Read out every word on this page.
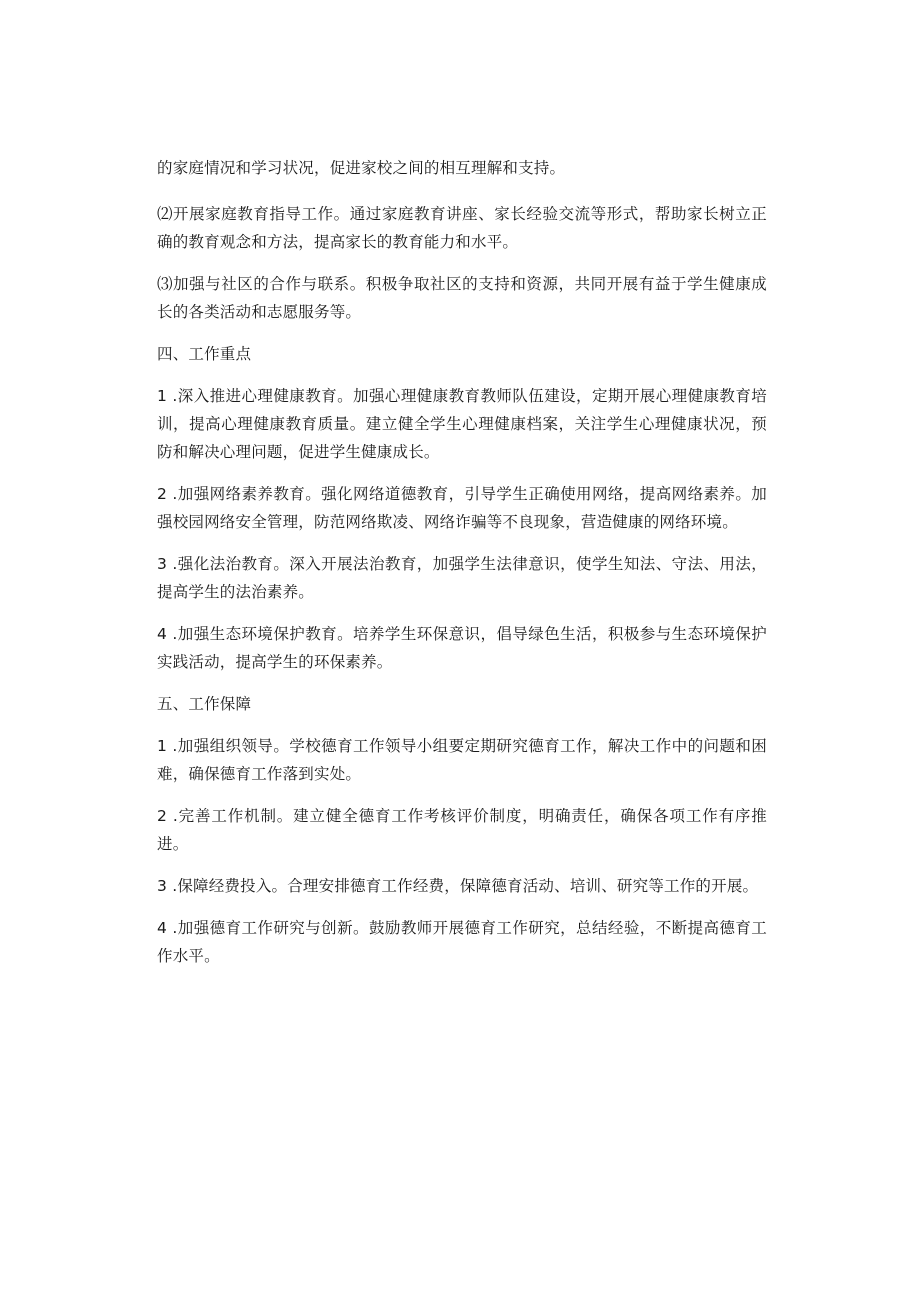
的家庭情况和学习状况，促进家校之间的相互理解和支持。

⑵开展家庭教育指导工作。通过家庭教育讲座、家长经验交流等形式，帮助家长树立正确的教育观念和方法，提高家长的教育能力和水平。

⑶加强与社区的合作与联系。积极争取社区的支持和资源，共同开展有益于学生健康成长的各类活动和志愿服务等。

四、工作重点

1 .深入推进心理健康教育。加强心理健康教育教师队伍建设，定期开展心理健康教育培训，提高心理健康教育质量。建立健全学生心理健康档案，关注学生心理健康状况，预防和解决心理问题，促进学生健康成长。

2 .加强网络素养教育。强化网络道德教育，引导学生正确使用网络，提高网络素养。加强校园网络安全管理，防范网络欺凌、网络诈骗等不良现象，营造健康的网络环境。

3 .强化法治教育。深入开展法治教育，加强学生法律意识，使学生知法、守法、用法，提高学生的法治素养。

4 .加强生态环境保护教育。培养学生环保意识，倡导绿色生活，积极参与生态环境保护实践活动，提高学生的环保素养。

五、工作保障

1 .加强组织领导。学校德育工作领导小组要定期研究德育工作，解决工作中的问题和困难，确保德育工作落到实处。

2 .完善工作机制。建立健全德育工作考核评价制度，明确责任，确保各项工作有序推进。

3 .保障经费投入。合理安排德育工作经费，保障德育活动、培训、研究等工作的开展。

4 .加强德育工作研究与创新。鼓励教师开展德育工作研究，总结经验，不断提高德育工作水平。
